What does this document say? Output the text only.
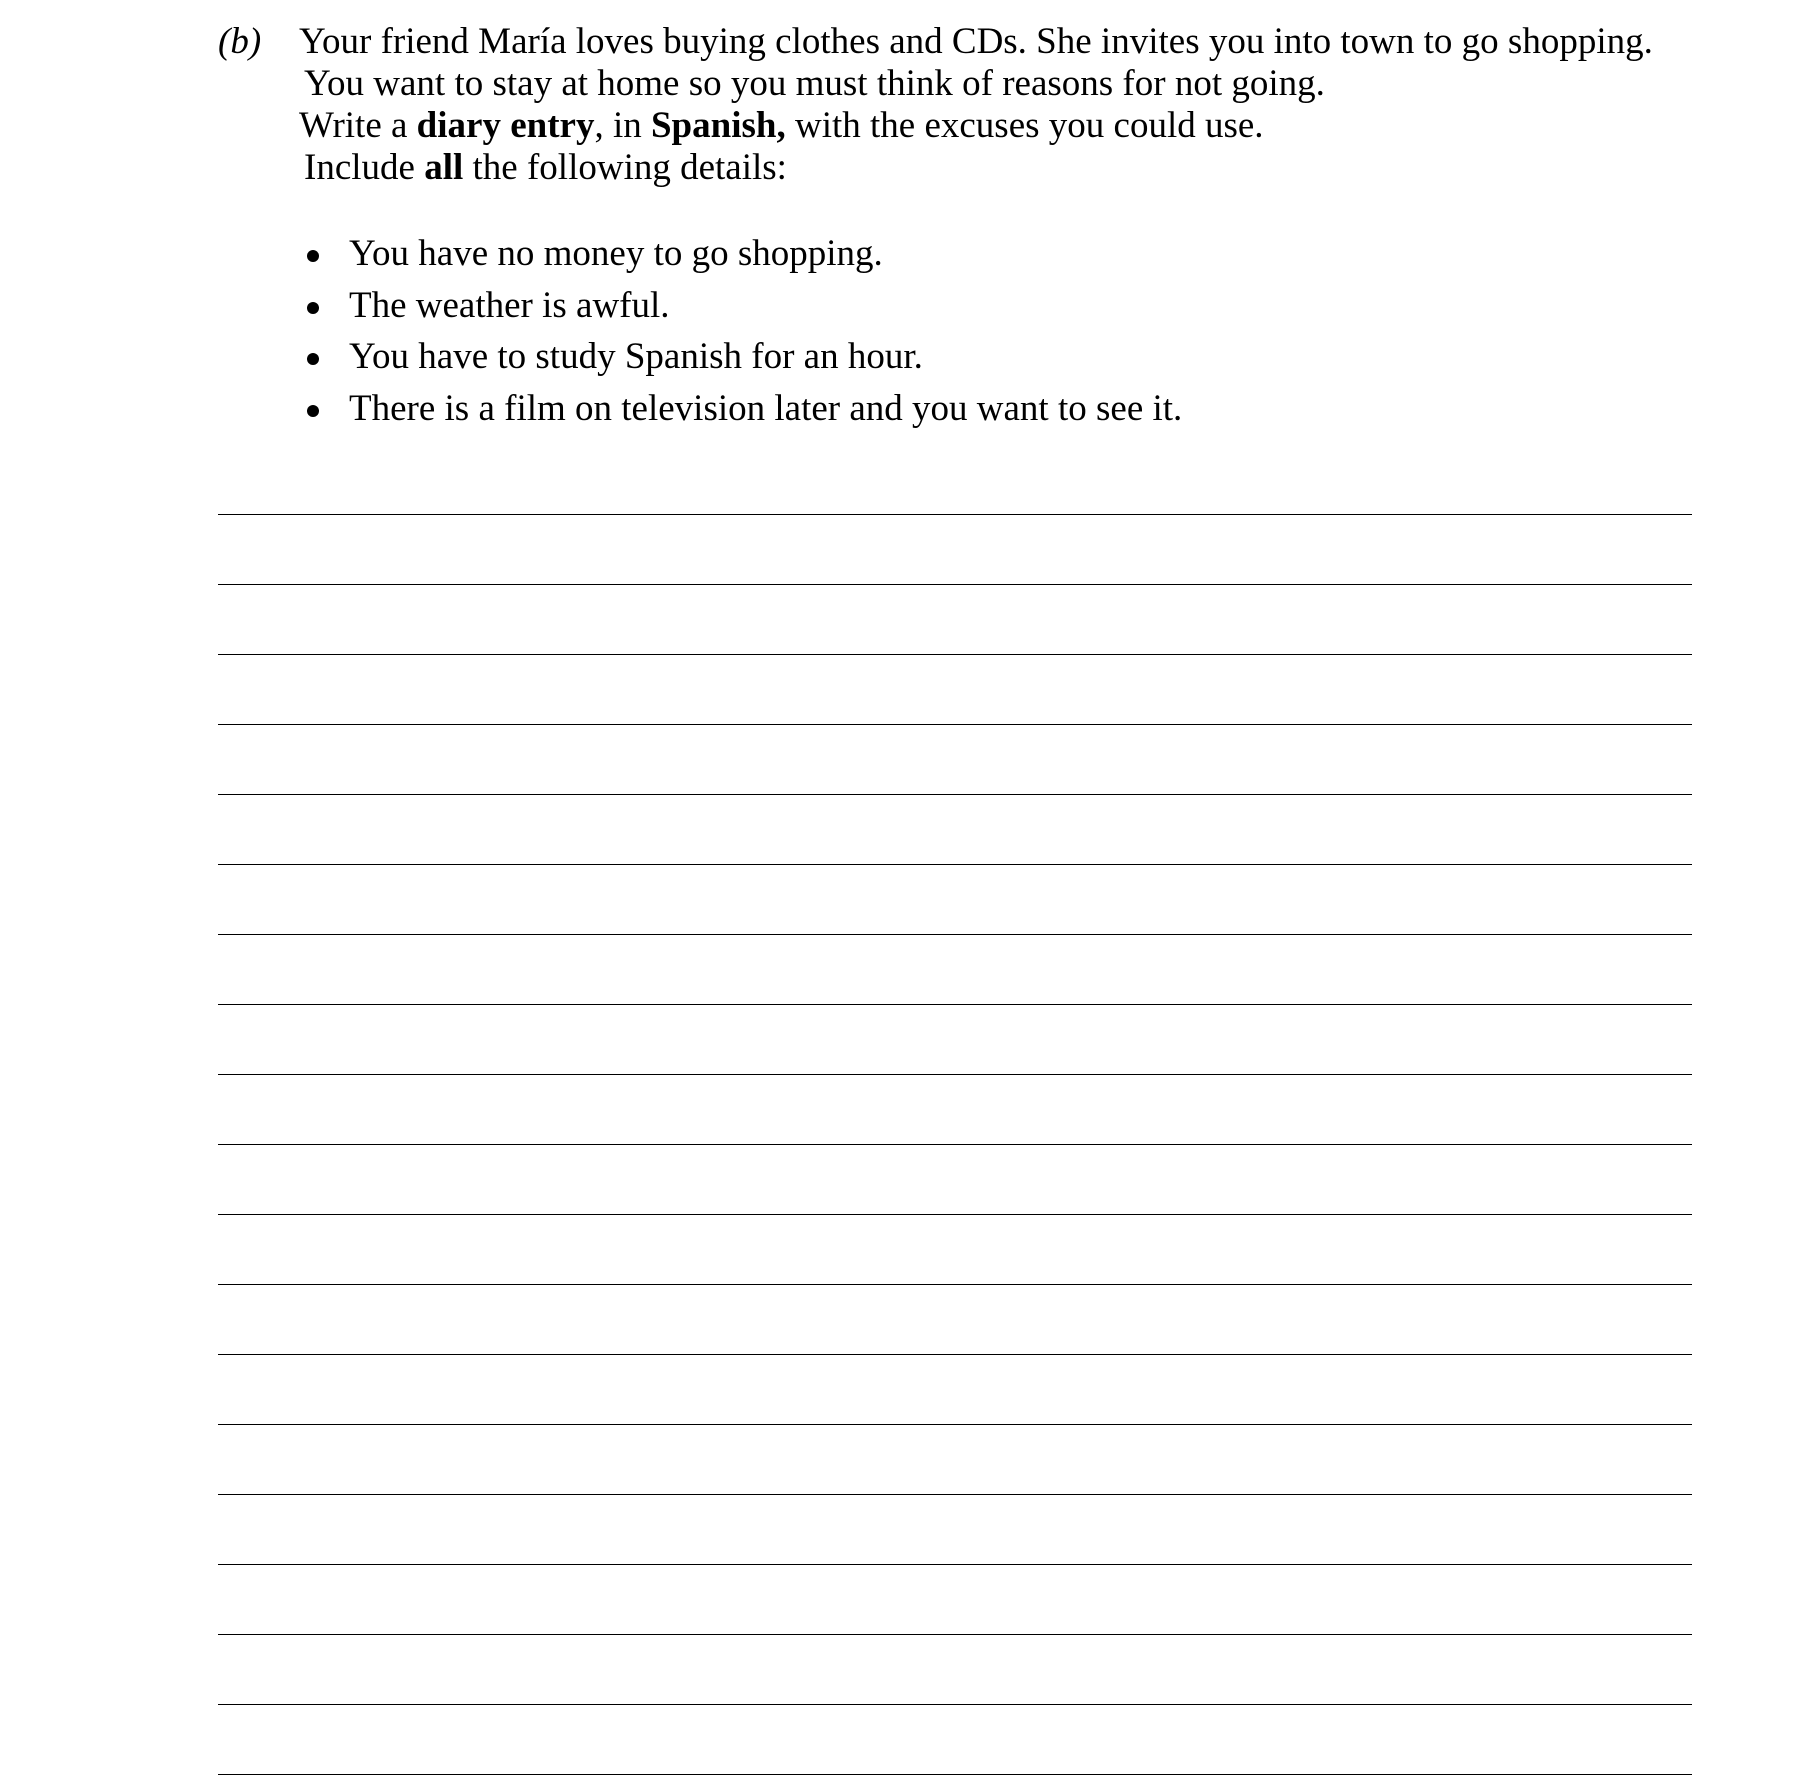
(b) Your friend María loves buying clothes and CDs. She invites you into town to go shopping.
You want to stay at home so you must think of reasons for not going.
Write a diary entry, in Spanish, with the excuses you could use.
Include all the following details:
You have no money to go shopping.
The weather is awful.
You have to study Spanish for an hour.
There is a film on television later and you want to see it.
